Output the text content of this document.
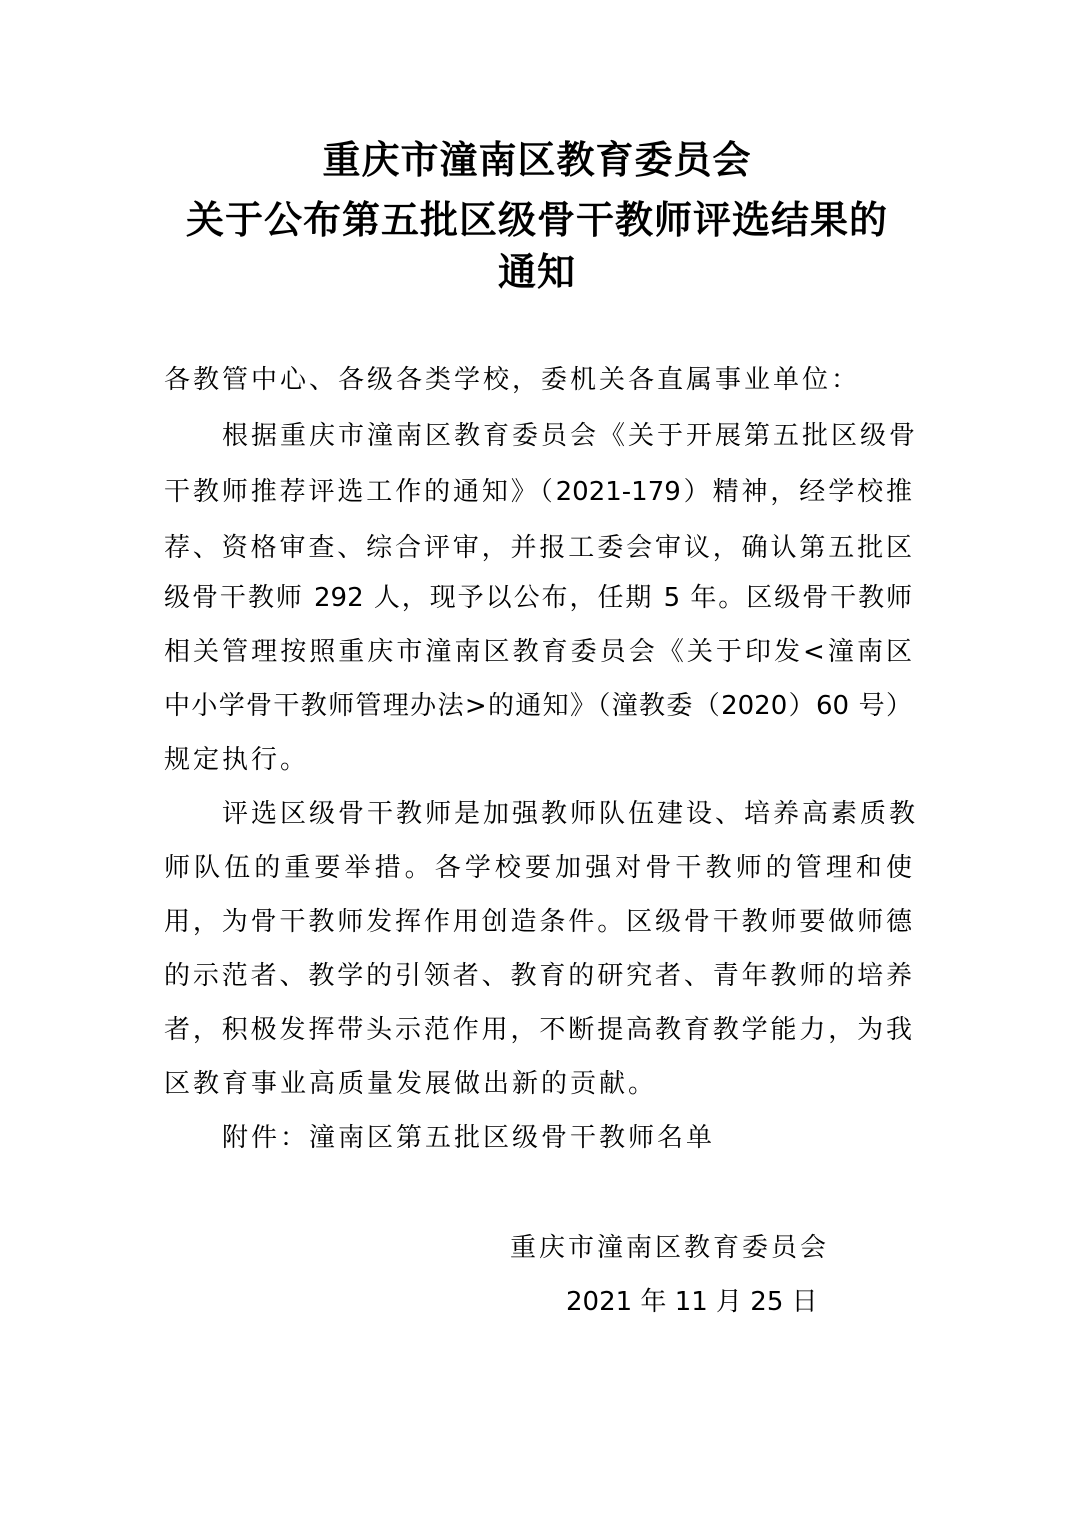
重庆市潼南区教育委员会
关于公布第五批区级骨干教师评选结果的
通知
各教管中心、各级各类学校，委机关各直属事业单位：
根据重庆市潼南区教育委员会《关于开展第五批区级骨
干教师推荐评选工作的通知》（2021-179）精神，经学校推
荐、资格审查、综合评审，并报工委会审议，确认第五批区
级骨干教师 292 人，现予以公布，任期 5 年。区级骨干教师
相关管理按照重庆市潼南区教育委员会《关于印发<潼南区
中小学骨干教师管理办法>的通知》（潼教委（2020）60 号）
规定执行。
评选区级骨干教师是加强教师队伍建设、培养高素质教
师队伍的重要举措。各学校要加强对骨干教师的管理和使
用，为骨干教师发挥作用创造条件。区级骨干教师要做师德
的示范者、教学的引领者、教育的研究者、青年教师的培养
者，积极发挥带头示范作用，不断提高教育教学能力，为我
区教育事业高质量发展做出新的贡献。
附件：潼南区第五批区级骨干教师名单
重庆市潼南区教育委员会
2021 年 11 月 25 日
